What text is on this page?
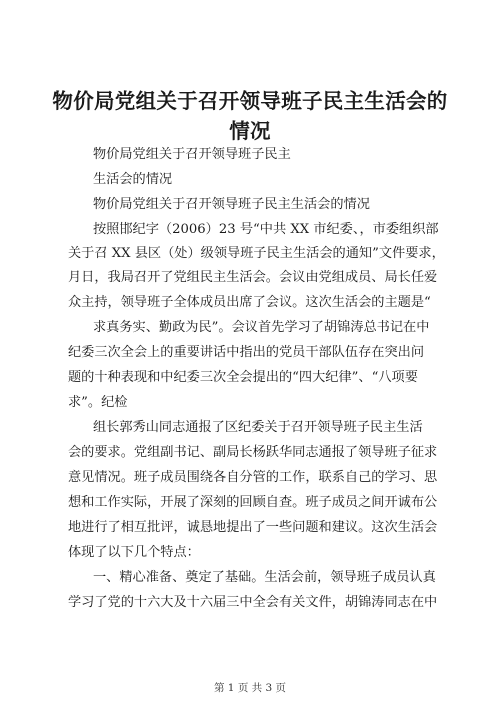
物价局党组关于召开领导班子民主生活会的情况

物价局党组关于召开领导班子民主

生活会的情况

物价局党组关于召开领导班子民主生活会的情况

按照邯纪字（2006）23 号“中共 XX 市纪委、，市委组织部

关于召 XX 县区（处）级领导班子民主生活会的通知”文件要求，

月日，我局召开了党组民主生活会。会议由党组成员、局长任爱

众主持，领导班子全体成员出席了会议。这次生活会的主题是“

求真务实、勤政为民”。会议首先学习了胡锦涛总书记在中

纪委三次全会上的重要讲话中指出的党员干部队伍存在突出问

题的十种表现和中纪委三次全会提出的“四大纪律”、“八项要

求”。纪检

组长郭秀山同志通报了区纪委关于召开领导班子民主生活

会的要求。党组副书记、副局长杨跃华同志通报了领导班子征求

意见情况。班子成员围绕各自分管的工作，联系自己的学习、思

想和工作实际，开展了深刻的回顾自查。班子成员之间开诚布公

地进行了相互批评，诚恳地提出了一些问题和建议。这次生活会

体现了以下几个特点：

一、精心准备、奠定了基础。生活会前，领导班子成员认真

学习了党的十六大及十六届三中全会有关文件，胡锦涛同志在中

第 1 页 共 3 页
